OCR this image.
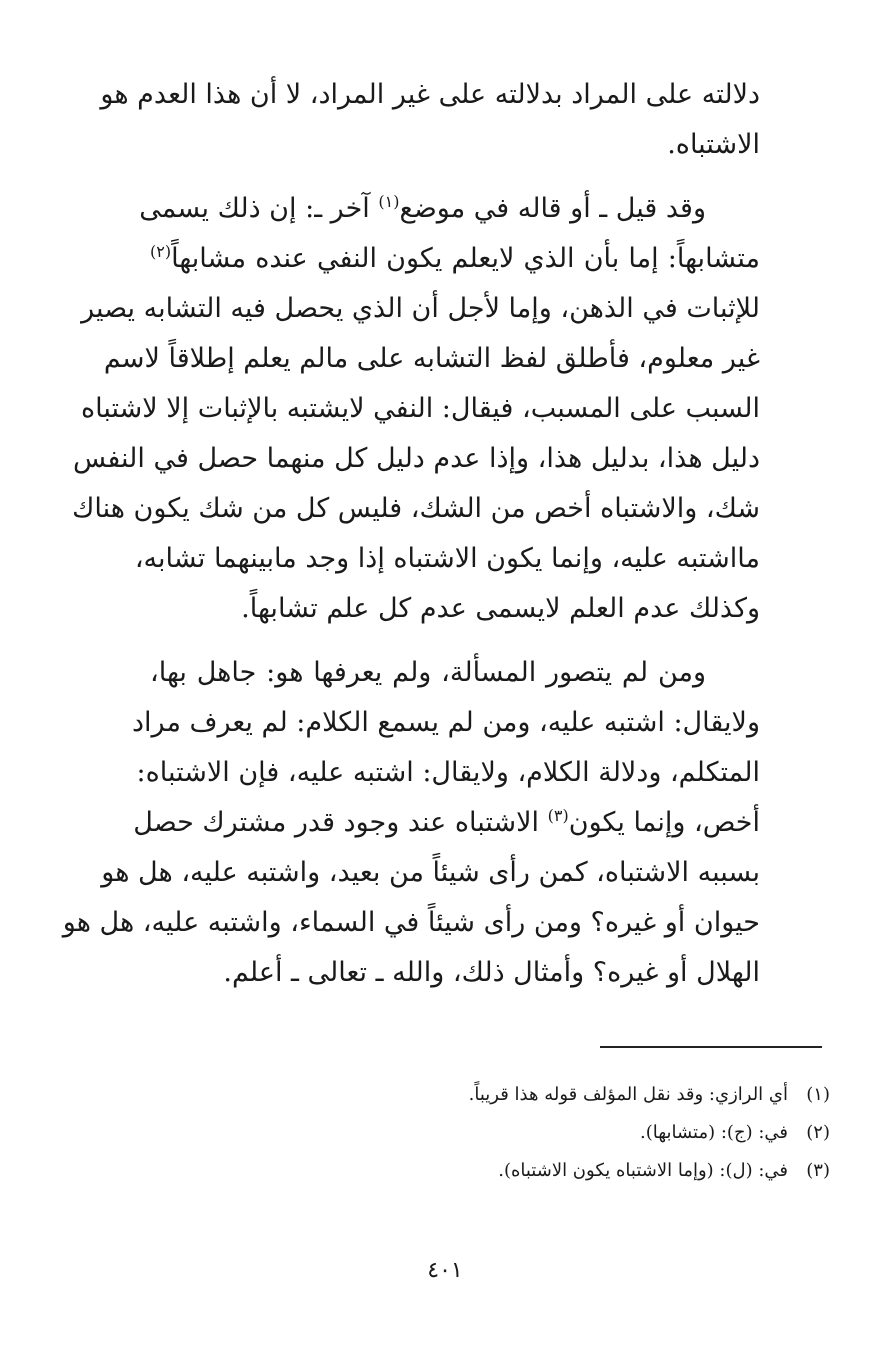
دلالته على المراد بدلالته على غير المراد، لا أن هذا العدم هو
الاشتباه.
  وقد قيل ـ أو قاله في موضع$^{(١)}$ آخر ـ: إن ذلك يسمى
متشابهاً: إما بأن الذي لايعلم يكون النفي عنده مشابهاً$^{(٢)}$
للإثبات في الذهن، وإما لأجل أن الذي يحصل فيه التشابه يصير
غير معلوم، فأطلق لفظ التشابه على مالم يعلم إطلاقاً لاسم
السبب على المسبب، فيقال: النفي لايشتبه بالإثبات إلا لاشتباه
دليل هذا، بدليل هذا، وإذا عدم دليل كل منهما حصل في النفس
شك، والاشتباه أخص من الشك، فليس كل من شك يكون هناك
مااشتبه عليه، وإنما يكون الاشتباه إذا وجد مابينهما تشابه،
وكذلك عدم العلم لايسمى عدم كل علم تشابهاً.
  ومن لم يتصور المسألة، ولم يعرفها هو: جاهل بها،
ولايقال: اشتبه عليه، ومن لم يسمع الكلام: لم يعرف مراد
المتكلم، ودلالة الكلام، ولايقال: اشتبه عليه، فإن الاشتباه:
أخص، وإنما يكون$^{(٣)}$ الاشتباه عند وجود قدر مشترك حصل
بسببه الاشتباه، كمن رأى شيئاً من بعيد، واشتبه عليه، هل هو
حيوان أو غيره؟ ومن رأى شيئاً في السماء، واشتبه عليه، هل هو
الهلال أو غيره؟ وأمثال ذلك، والله ـ تعالى ـ أعلم.
(١)أي الرازي: وقد نقل المؤلف قوله هذا قريباً.
(٢)في: (ج): (متشابها).
(٣)في: (ل): (وإما الاشتباه يكون الاشتباه).
٤٠١
